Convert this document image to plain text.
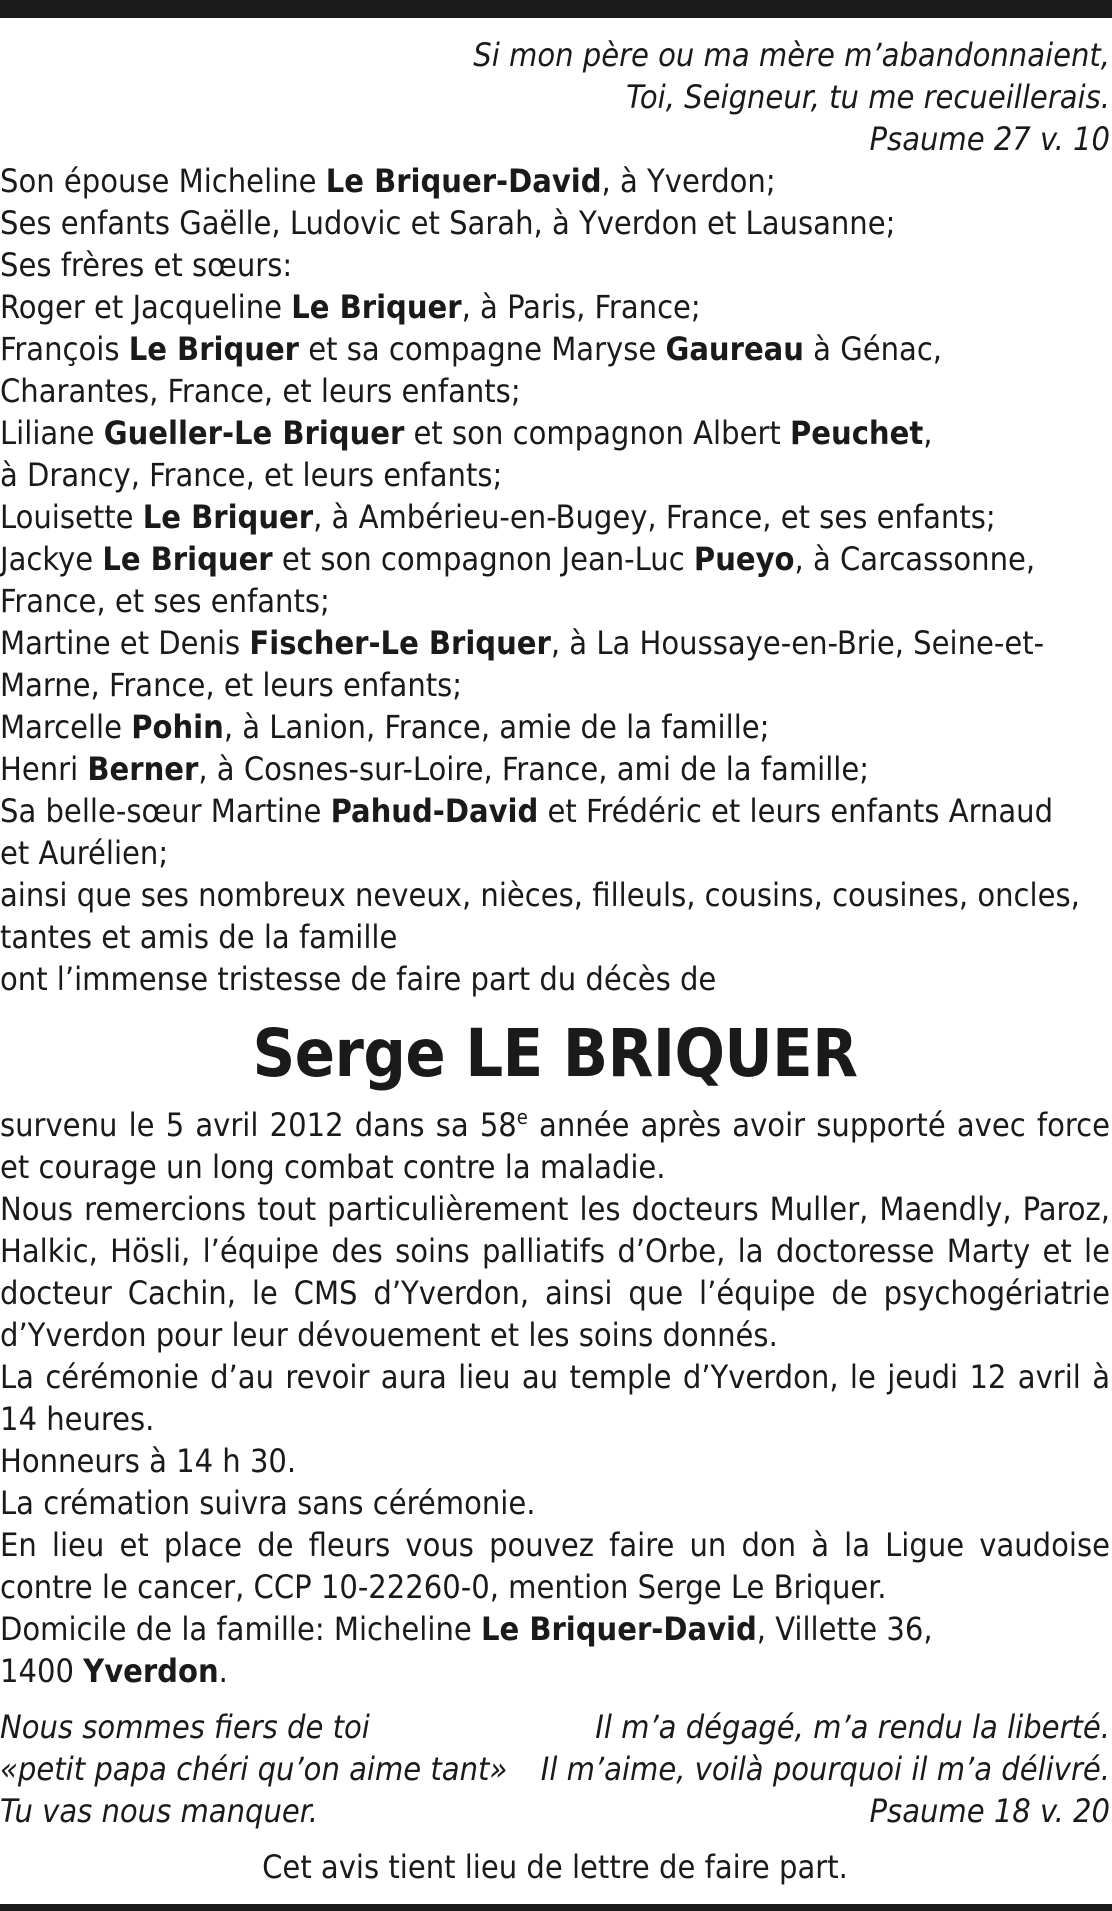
Si mon père ou ma mère m’abandonnaient,

Toi, Seigneur, tu me recueillerais.

Psaume 27 v. 10

Son épouse Micheline Le Briquer-David, à Yverdon;

Ses enfants Gaëlle, Ludovic et Sarah, à Yverdon et Lausanne;

Ses frères et sœurs:

Roger et Jacqueline Le Briquer, à Paris, France;

François Le Briquer et sa compagne Maryse Gaureau à Génac,

Charantes, France, et leurs enfants;

Liliane Gueller-Le Briquer et son compagnon Albert Peuchet,

à Drancy, France, et leurs enfants;

Louisette Le Briquer, à Ambérieu-en-Bugey, France, et ses enfants;

Jackye Le Briquer et son compagnon Jean-Luc Pueyo, à Carcassonne,

France, et ses enfants;

Martine et Denis Fischer-Le Briquer, à La Houssaye-en-Brie, Seine-et-

Marne, France, et leurs enfants;

Marcelle Pohin, à Lanion, France, amie de la famille;

Henri Berner, à Cosnes-sur-Loire, France, ami de la famille;

Sa belle-sœur Martine Pahud-David et Frédéric et leurs enfants Arnaud

et Aurélien;

ainsi que ses nombreux neveux, nièces, filleuls, cousins, cousines, oncles,

tantes et amis de la famille

ont l’immense tristesse de faire part du décès de

Serge LE BRIQUER

survenu le 5 avril 2012 dans sa 58e année après avoir supporté avec force et courage un long combat contre la maladie.

Nous remercions tout particulièrement les docteurs Muller, Maendly, Paroz, Halkic, Hösli, l’équipe des soins palliatifs d’Orbe, la doctoresse Marty et le docteur Cachin, le CMS d’Yverdon, ainsi que l’équipe de psychogériatrie d’Yverdon pour leur dévouement et les soins donnés.

La cérémonie d’au revoir aura lieu au temple d’Yverdon, le jeudi 12 avril à 14 heures.

Honneurs à 14 h 30.

La crémation suivra sans cérémonie.

En lieu et place de fleurs vous pouvez faire un don à la Ligue vaudoise contre le cancer, CCP 10-22260-0, mention Serge Le Briquer.

Domicile de la famille: Micheline Le Briquer-David, Villette 36,

1400 Yverdon.

Nous sommes fiers de toi
«petit papa chéri qu’on aime tant»
Tu vas nous manquer.
Il m’a dégagé, m’a rendu la liberté.
Il m’aime, voilà pourquoi il m’a délivré.
Psaume 18 v. 20

Cet avis tient lieu de lettre de faire part.
